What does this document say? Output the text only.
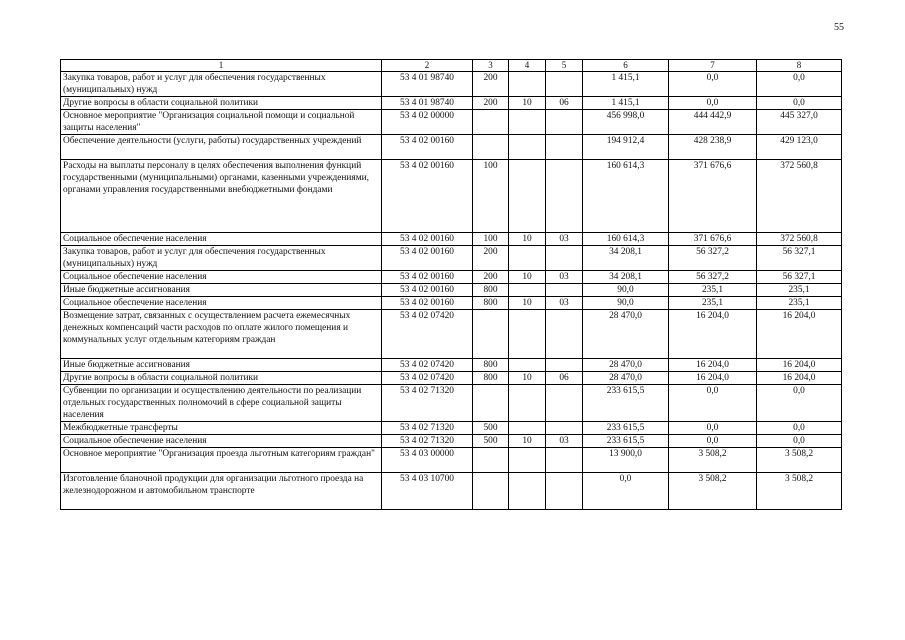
55
1	2	3	4	5	6	7	8
Закупка товаров, работ и услуг для обеспечения государственных (муниципальных) нужд	53 4 01 98740	200			1 415,1	0,0	0,0
Другие вопросы в области социальной политики	53 4 01 98740	200	10	06	1 415,1	0,0	0,0
Основное мероприятие "Организация социальной помощи и социальной защиты населения"	53 4 02 00000				456 998,0	444 442,9	445 327,0
Обеспечение деятельности (услуги, работы) государственных учреждений	53 4 02 00160				194 912,4	428 238,9	429 123,0
Расходы на выплаты персоналу в целях обеспечения выполнения функций государственными (муниципальными) органами, казенными учреждениями, органами управления государственными внебюджетными фондами	53 4 02 00160	100			160 614,3	371 676,6	372 560,8
Социальное обеспечение населения	53 4 02 00160	100	10	03	160 614,3	371 676,6	372 560,8
Закупка товаров, работ и услуг для обеспечения государственных (муниципальных) нужд	53 4 02 00160	200			34 208,1	56 327,2	56 327,1
Социальное обеспечение населения	53 4 02 00160	200	10	03	34 208,1	56 327,2	56 327,1
Иные бюджетные ассигнования	53 4 02 00160	800			90,0	235,1	235,1
Социальное обеспечение населения	53 4 02 00160	800	10	03	90,0	235,1	235,1
Возмещение затрат, связанных с осуществлением расчета ежемесячных денежных компенсаций части расходов по оплате жилого помещения и коммунальных услуг отдельным категориям граждан	53 4 02 07420				28 470,0	16 204,0	16 204,0
Иные бюджетные ассигнования	53 4 02 07420	800			28 470,0	16 204,0	16 204,0
Другие вопросы в области социальной политики	53 4 02 07420	800	10	06	28 470,0	16 204,0	16 204,0
Субвенции по организации и осуществлению деятельности по реализации отдельных государственных полномочий в сфере социальной защиты населения	53 4 02 71320				233 615,5	0,0	0,0
Межбюджетные трансферты	53 4 02 71320	500			233 615,5	0,0	0,0
Социальное обеспечение населения	53 4 02 71320	500	10	03	233 615,5	0,0	0,0
Основное мероприятие "Организация проезда льготным категориям граждан"	53 4 03 00000				13 900,0	3 508,2	3 508,2
Изготовление бланочной продукции для организации льготного проезда на железнодорожном и автомобильном транспорте	53 4 03 10700				0,0	3 508,2	3 508,2
